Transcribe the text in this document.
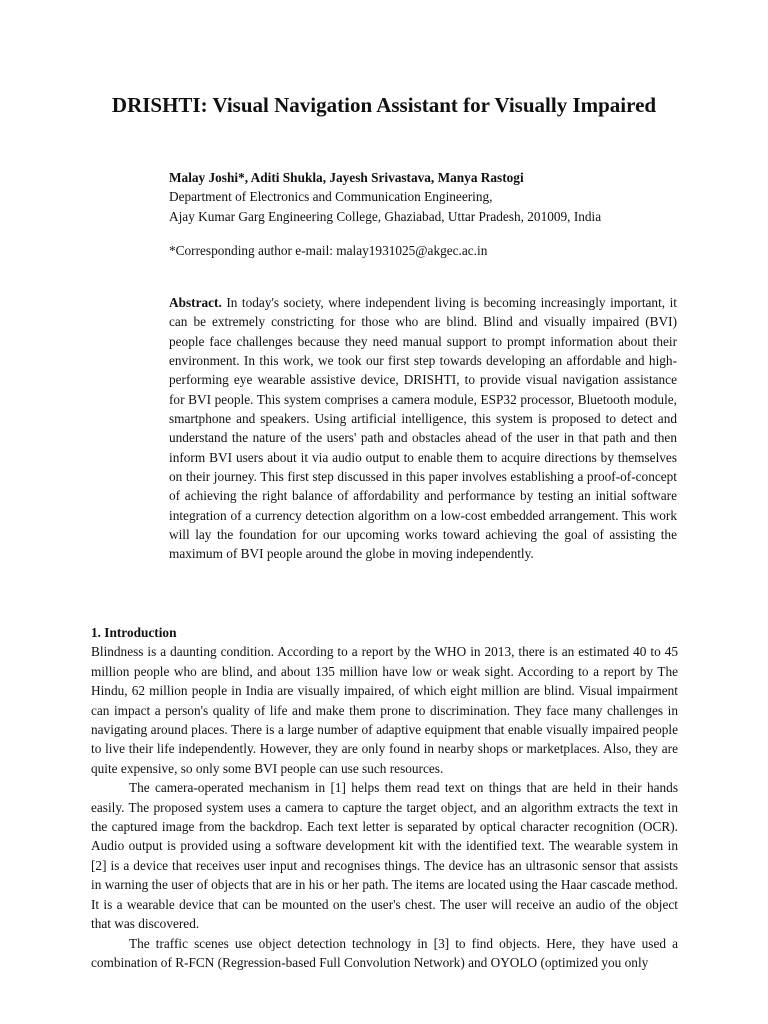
DRISHTI: Visual Navigation Assistant for Visually Impaired
Malay Joshi*, Aditi Shukla, Jayesh Srivastava, Manya Rastogi
Department of Electronics and Communication Engineering,
Ajay Kumar Garg Engineering College, Ghaziabad, Uttar Pradesh, 201009, India
*Corresponding author e-mail: malay1931025@akgec.ac.in
Abstract. In today's society, where independent living is becoming increasingly important, it can be extremely constricting for those who are blind. Blind and visually impaired (BVI) people face challenges because they need manual support to prompt information about their environment. In this work, we took our first step towards developing an affordable and high-performing eye wearable assistive device, DRISHTI, to provide visual navigation assistance for BVI people. This system comprises a camera module, ESP32 processor, Bluetooth module, smartphone and speakers. Using artificial intelligence, this system is proposed to detect and understand the nature of the users' path and obstacles ahead of the user in that path and then inform BVI users about it via audio output to enable them to acquire directions by themselves on their journey. This first step discussed in this paper involves establishing a proof-of-concept of achieving the right balance of affordability and performance by testing an initial software integration of a currency detection algorithm on a low-cost embedded arrangement. This work will lay the foundation for our upcoming works toward achieving the goal of assisting the maximum of BVI people around the globe in moving independently.
1. Introduction

Blindness is a daunting condition. According to a report by the WHO in 2013, there is an estimated 40 to 45 million people who are blind, and about 135 million have low or weak sight. According to a report by The Hindu, 62 million people in India are visually impaired, of which eight million are blind. Visual impairment can impact a person's quality of life and make them prone to discrimination. They face many challenges in navigating around places. There is a large number of adaptive equipment that enable visually impaired people to live their life independently. However, they are only found in nearby shops or marketplaces. Also, they are quite expensive, so only some BVI people can use such resources.

The camera-operated mechanism in [1] helps them read text on things that are held in their hands easily. The proposed system uses a camera to capture the target object, and an algorithm extracts the text in the captured image from the backdrop. Each text letter is separated by optical character recognition (OCR). Audio output is provided using a software development kit with the identified text. The wearable system in [2] is a device that receives user input and recognises things. The device has an ultrasonic sensor that assists in warning the user of objects that are in his or her path. The items are located using the Haar cascade method. It is a wearable device that can be mounted on the user's chest. The user will receive an audio of the object that was discovered.

The traffic scenes use object detection technology in [3] to find objects. Here, they have used a combination of R-FCN (Regression-based Full Convolution Network) and OYOLO (optimized you only
